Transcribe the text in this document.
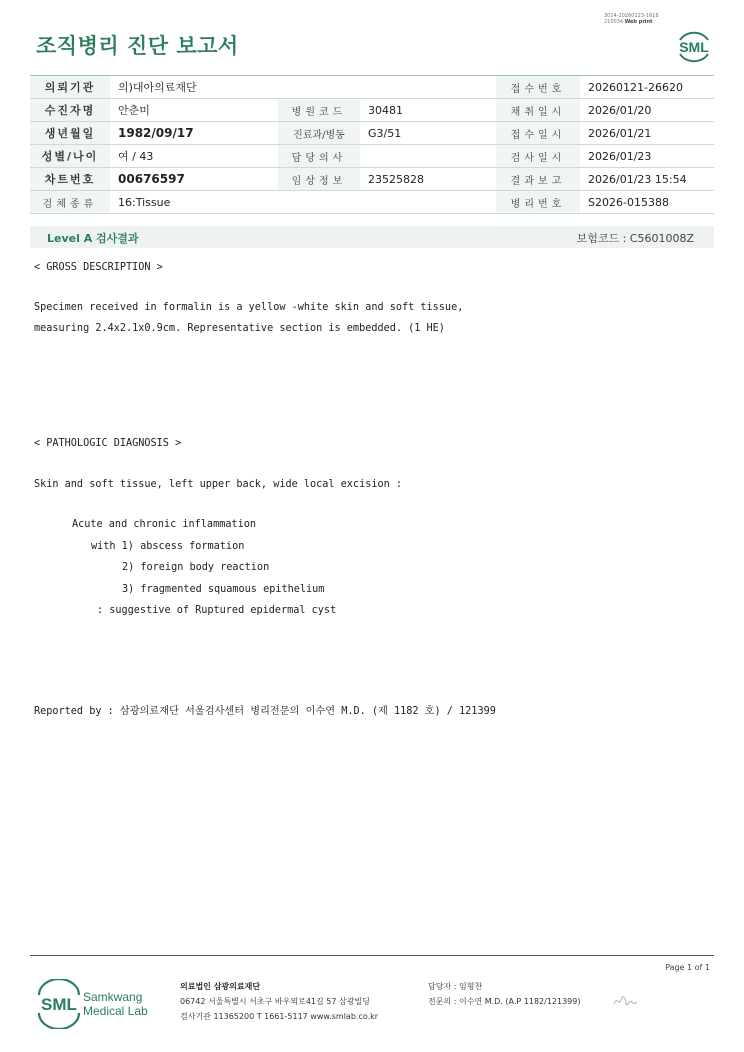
조직병리 진단 보고서
3014-20260123-1618
210034 Web print
SML
의뢰기관	의)대아의료재단			접수번호	20260121-26620
수진자명	안춘미	병원코드	30481	채취일시	2026/01/20
생년월일	1982/09/17	진료과/병동	G3/51	접수일시	2026/01/21
성별/나이	여 / 43	담당의사		검사일시	2026/01/23
차트번호	00676597	임상정보	23525828	결과보고	2026/01/23 15:54
검체종류	16:Tissue			병리번호	S2026-015388
Level A 검사결과	보험코드 : C5601008Z
< GROSS DESCRIPTION >
Specimen received in formalin is a yellow -white skin and soft tissue,
measuring 2.4x2.1x0.9cm. Representative section is embedded. (1 HE)
< PATHOLOGIC DIAGNOSIS >
Skin and soft tissue, left upper back, wide local excision :
Acute and chronic inflammation
with 1) abscess formation
2) foreign body reaction
3) fragmented squamous epithelium
: suggestive of Ruptured epidermal cyst
Reported by : 삼광의료재단 서울검사센터 병리전문의 이수연 M.D. (제 1182 호) / 121399
Page 1 of 1
SML Samkwang
Medical Lab
의료법인 삼광의료재단
06742 서울특별시 서초구 바우뫼로41길 57 삼광빌딩
검사기관 11365200 T 1661-5117 www.smlab.co.kr
담당자 : 임형찬
전문의 : 이수연 M.D. (A.P 1182/121399)
